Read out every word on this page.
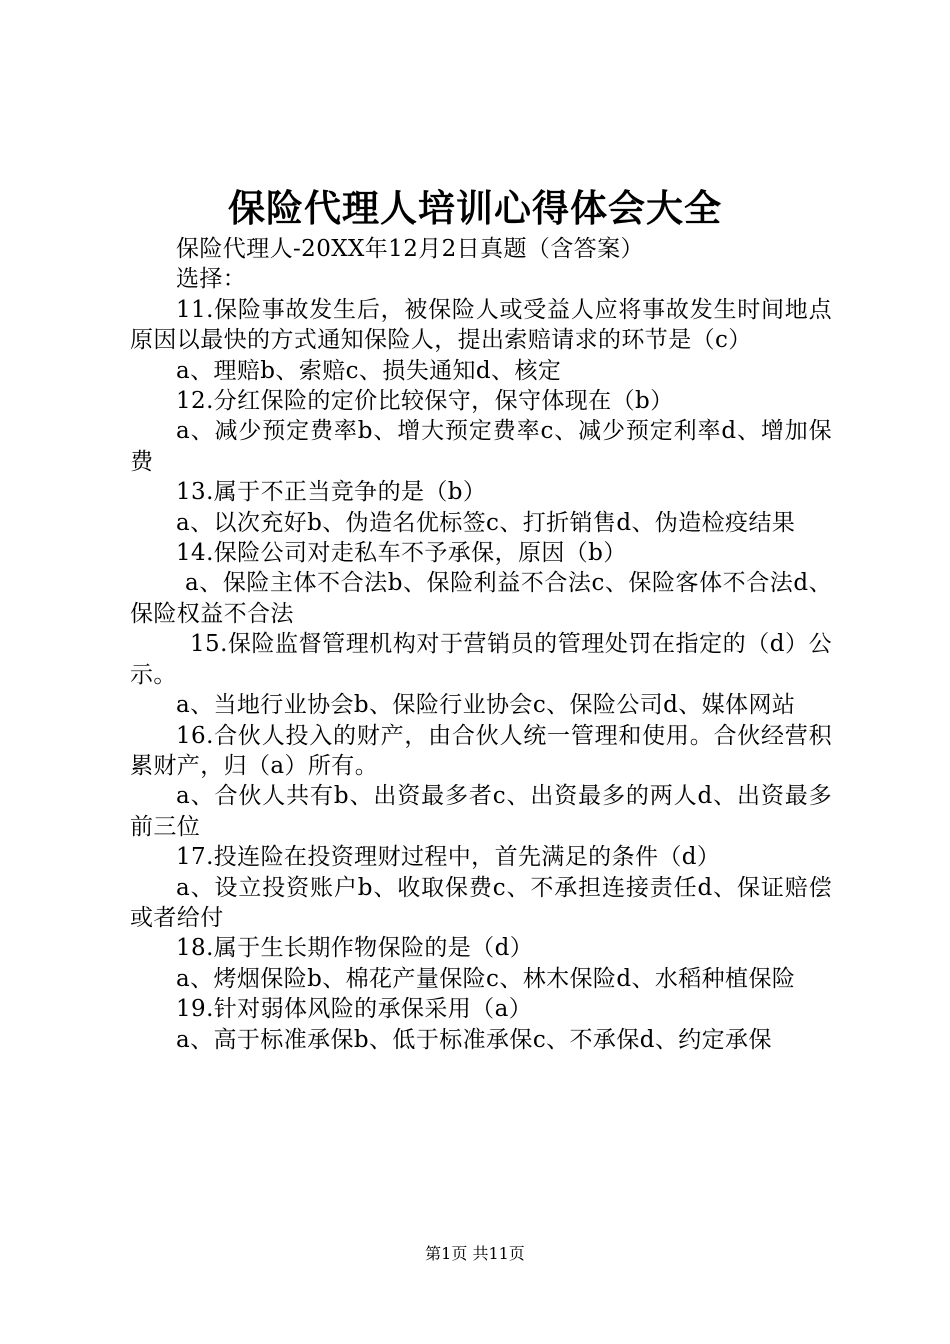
保险代理人培训心得体会大全

保险代理人-20XX年12月2日真题（含答案）

选择：

11.保险事故发生后，被保险人或受益人应将事故发生时间地点原因以最快的方式通知保险人，提出索赔请求的环节是（c）

a、理赔b、索赔c、损失通知d、核定

12.分红保险的定价比较保守，保守体现在（b）

a、减少预定费率b、增大预定费率c、减少预定利率d、增加保费

13.属于不正当竞争的是（b）

a、以次充好b、伪造名优标签c、打折销售d、伪造检疫结果

14.保险公司对走私车不予承保，原因（b）

a、保险主体不合法b、保险利益不合法c、保险客体不合法d、保险权益不合法

15.保险监督管理机构对于营销员的管理处罚在指定的（d）公示。

a、当地行业协会b、保险行业协会c、保险公司d、媒体网站

16.合伙人投入的财产，由合伙人统一管理和使用。合伙经营积累财产，归（a）所有。

a、合伙人共有b、出资最多者c、出资最多的两人d、出资最多前三位

17.投连险在投资理财过程中，首先满足的条件（d）

a、设立投资账户b、收取保费c、不承担连接责任d、保证赔偿或者给付

18.属于生长期作物保险的是（d）

a、烤烟保险b、棉花产量保险c、林木保险d、水稻种植保险

19.针对弱体风险的承保采用（a）

a、高于标准承保b、低于标准承保c、不承保d、约定承保

第1页 共11页
